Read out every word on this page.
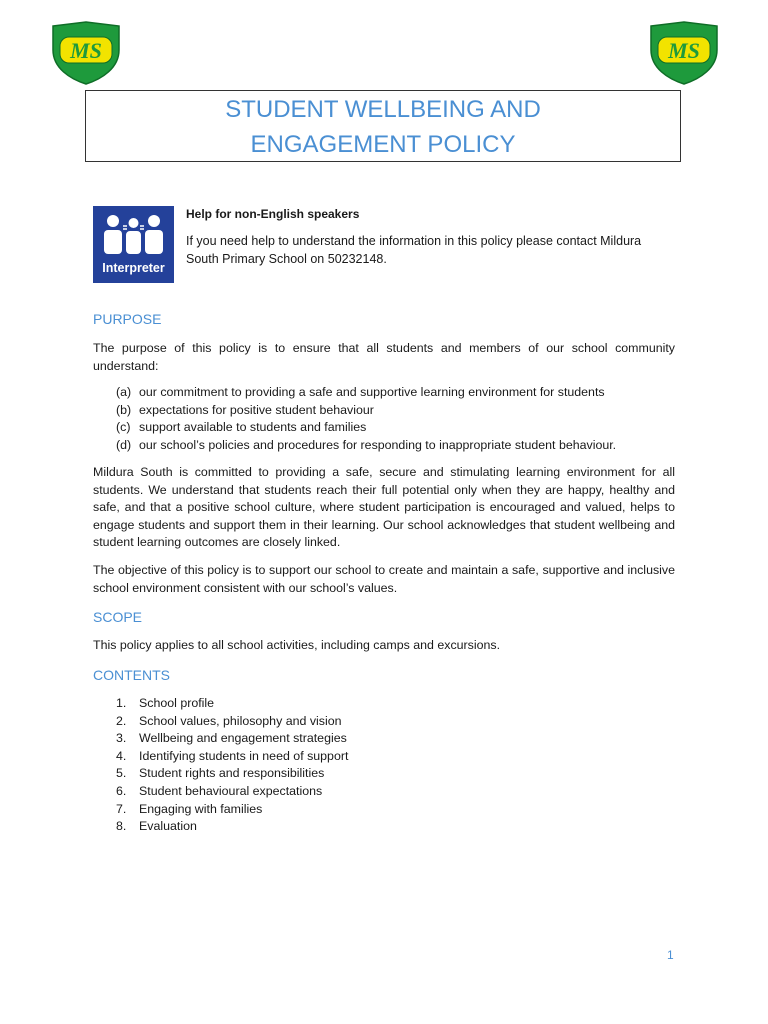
MS	MS
STUDENT WELLBEING AND
ENGAGEMENT POLICY
Interpreter
Help for non-English speakers
If you need help to understand the information in this policy please contact Mildura South Primary School on 50232148.
PURPOSE
The purpose of this policy is to ensure that all students and members of our school community understand:
(a) our commitment to providing a safe and supportive learning environment for students
(b) expectations for positive student behaviour
(c) support available to students and families
(d) our school’s policies and procedures for responding to inappropriate student behaviour.
Mildura South is committed to providing a safe, secure and stimulating learning environment for all students. We understand that students reach their full potential only when they are happy, healthy and safe, and that a positive school culture, where student participation is encouraged and valued, helps to engage students and support them in their learning. Our school acknowledges that student wellbeing and student learning outcomes are closely linked.
The objective of this policy is to support our school to create and maintain a safe, supportive and inclusive school environment consistent with our school’s values.
SCOPE
This policy applies to all school activities, including camps and excursions.
CONTENTS
1.	School profile
2.	School values, philosophy and vision
3.	Wellbeing and engagement strategies
4.	Identifying students in need of support
5.	Student rights and responsibilities
6.	Student behavioural expectations
7.	Engaging with families
8.	Evaluation
1
